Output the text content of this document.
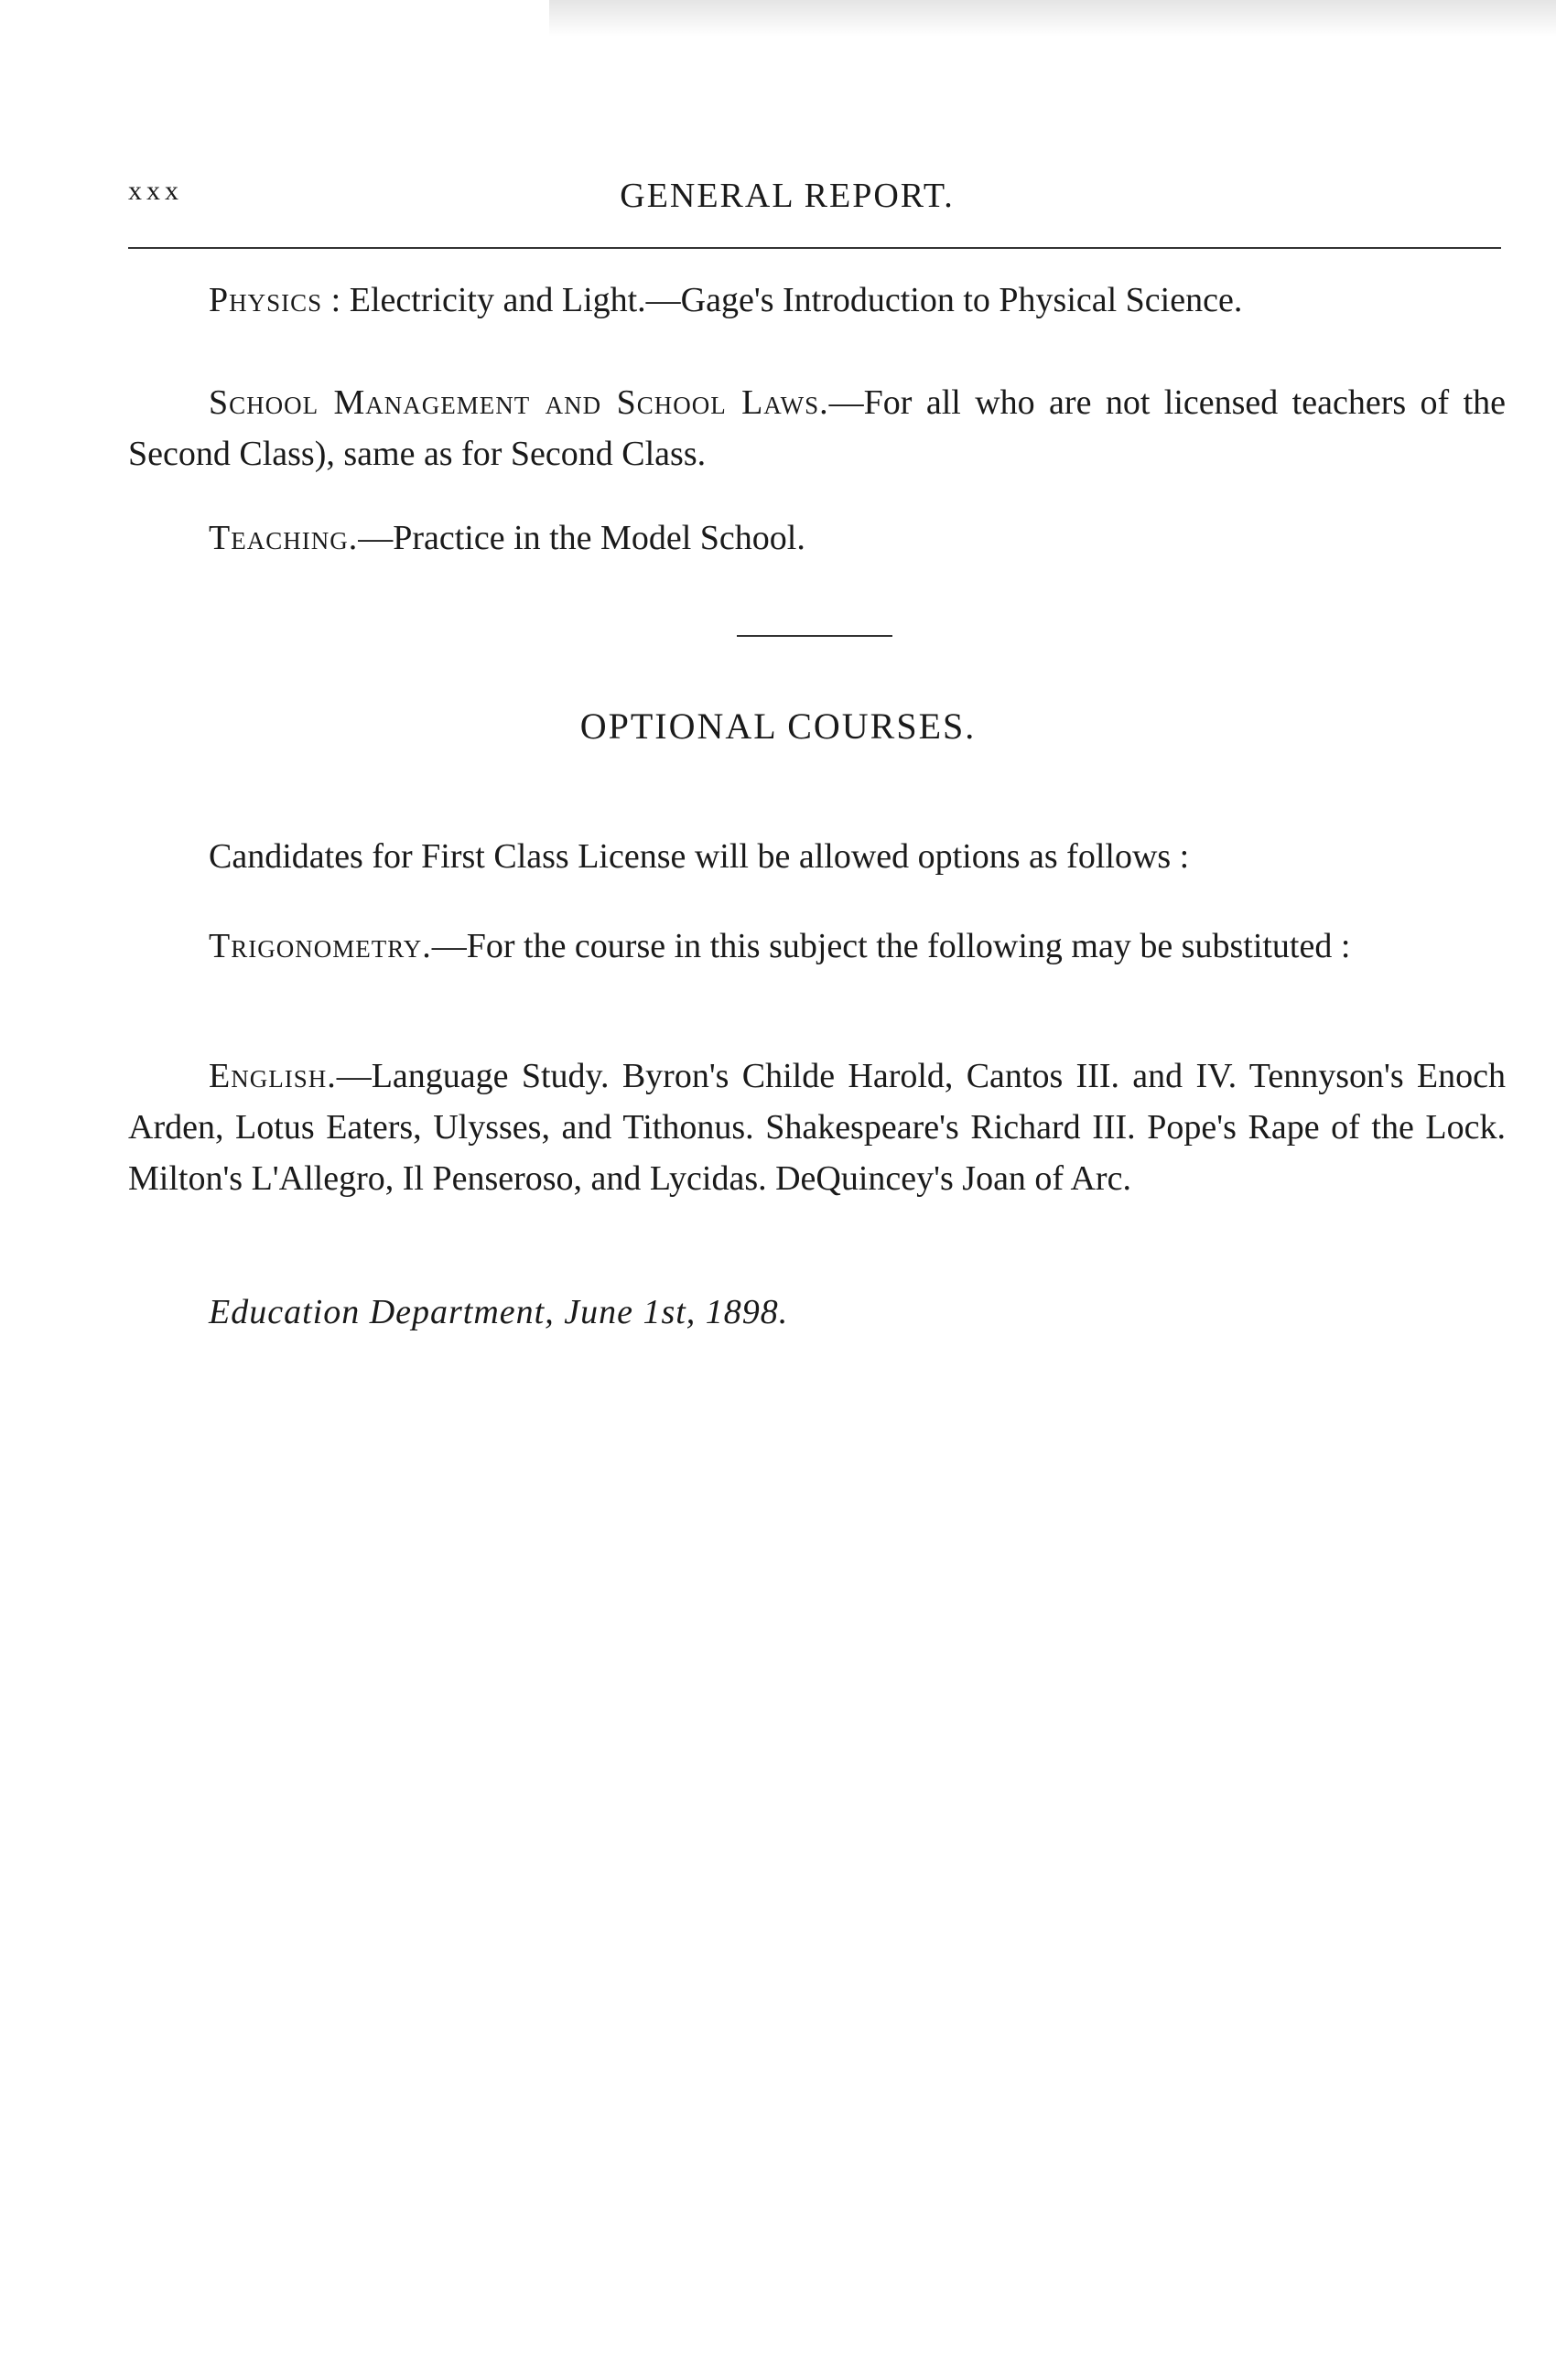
xxx	GENERAL REPORT.

Physics : Electricity and Light.—Gage's Introduction to Physical Science.

School Management and School Laws.—For all who are not licensed teachers of the Second Class), same as for Second Class.

Teaching.—Practice in the Model School.

OPTIONAL COURSES.

Candidates for First Class License will be allowed options as follows :

Trigonometry.—For the course in this subject the following may be substituted :

English.—Language Study. Byron's Childe Harold, Cantos III. and IV. Tennyson's Enoch Arden, Lotus Eaters, Ulysses, and Tithonus. Shakespeare's Richard III. Pope's Rape of the Lock. Milton's L'Allegro, Il Penseroso, and Lycidas. DeQuincey's Joan of Arc.

Education Department, June 1st, 1898.
